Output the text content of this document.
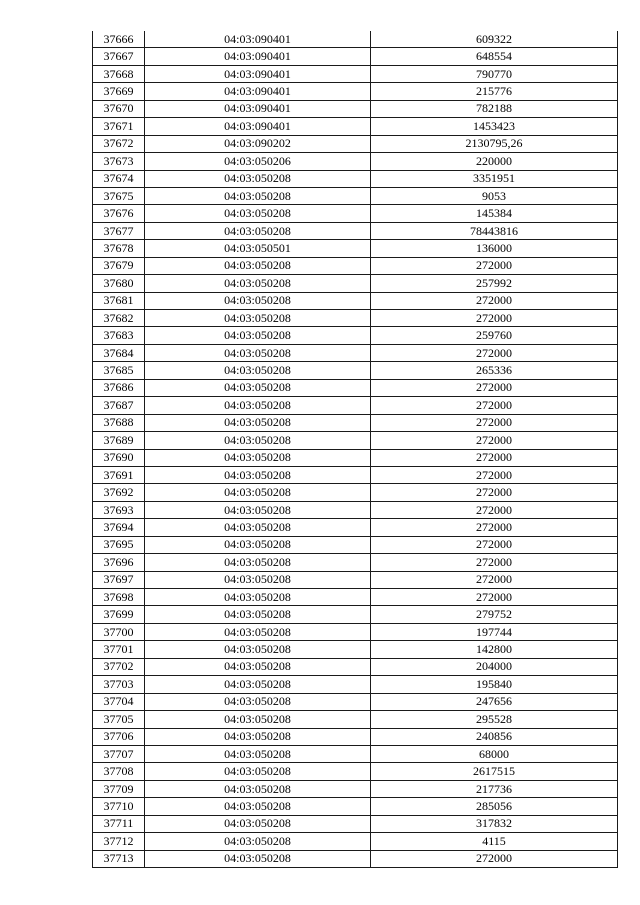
37666	04:03:090401	609322
37667	04:03:090401	648554
37668	04:03:090401	790770
37669	04:03:090401	215776
37670	04:03:090401	782188
37671	04:03:090401	1453423
37672	04:03:090202	2130795,26
37673	04:03:050206	220000
37674	04:03:050208	3351951
37675	04:03:050208	9053
37676	04:03:050208	145384
37677	04:03:050208	78443816
37678	04:03:050501	136000
37679	04:03:050208	272000
37680	04:03:050208	257992
37681	04:03:050208	272000
37682	04:03:050208	272000
37683	04:03:050208	259760
37684	04:03:050208	272000
37685	04:03:050208	265336
37686	04:03:050208	272000
37687	04:03:050208	272000
37688	04:03:050208	272000
37689	04:03:050208	272000
37690	04:03:050208	272000
37691	04:03:050208	272000
37692	04:03:050208	272000
37693	04:03:050208	272000
37694	04:03:050208	272000
37695	04:03:050208	272000
37696	04:03:050208	272000
37697	04:03:050208	272000
37698	04:03:050208	272000
37699	04:03:050208	279752
37700	04:03:050208	197744
37701	04:03:050208	142800
37702	04:03:050208	204000
37703	04:03:050208	195840
37704	04:03:050208	247656
37705	04:03:050208	295528
37706	04:03:050208	240856
37707	04:03:050208	68000
37708	04:03:050208	2617515
37709	04:03:050208	217736
37710	04:03:050208	285056
37711	04:03:050208	317832
37712	04:03:050208	4115
37713	04:03:050208	272000
